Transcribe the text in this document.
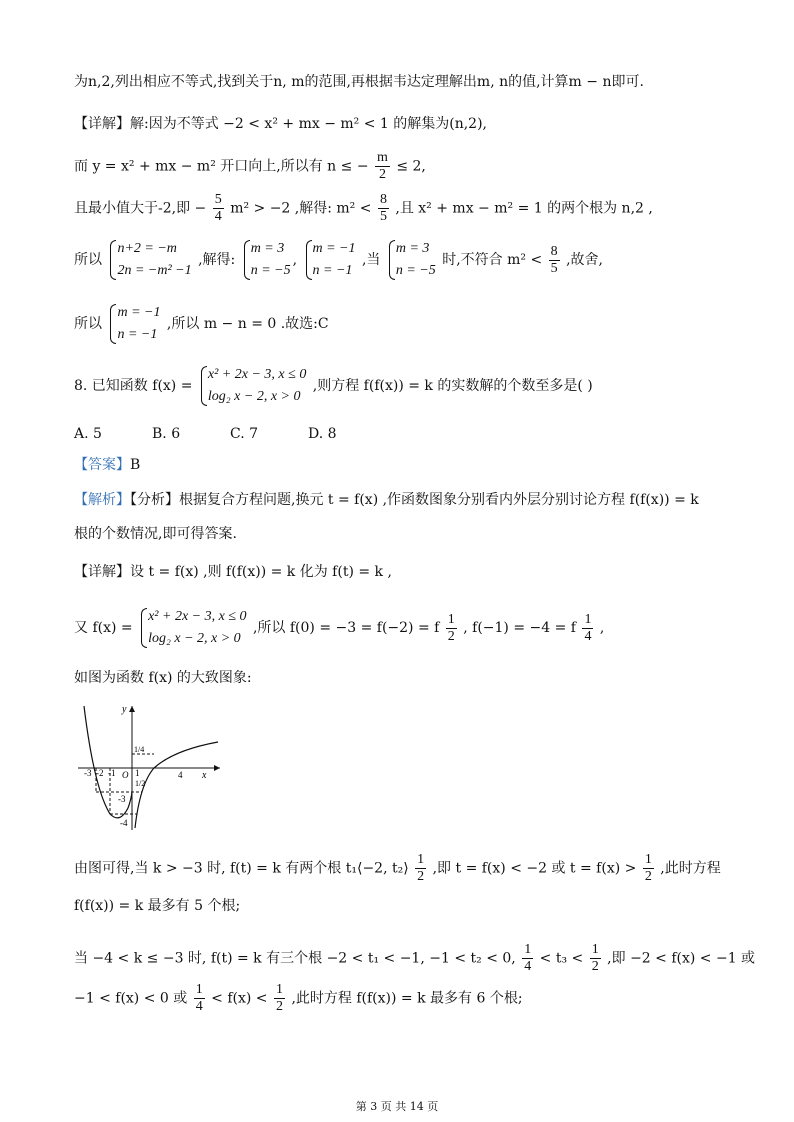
为n,2,列出相应不等式,找到关于n, m的范围,再根据韦达定理解出m, n的值,计算m − n即可.
【详解】解:因为不等式 −2 < x² + mx − m² < 1 的解集为(n,2),
而 y = x² + mx − m² 开口向上,所以有 n ≤ − $\frac{m}{2} \le 2$,
且最小值大于-2,即 − $\frac{5}{4} m^2 > -2$ ,解得: $m^2 < \frac{8}{5}$ ,且 x² + mx − m² = 1 的两个根为 n,2 ,
所以
n+2 = −m
2n = −m² −1
,解得:
m = 3
n = −5
,
m = −1
n = −1
,当
m = 3
n = −5
时,不符合 $m^2 < \frac{8}{5}$ ,故舍,
所以
m = −1
n = −1
,所以 m − n = 0 .故选:C
8. 已知函数 f(x) =
x² + 2x − 3, x ≤ 0
log₂ x − 2, x > 0
,则方程 f(f(x)) = k 的实数解的个数至多是( )
A. 5	B. 6	C. 7	D. 8
【答案】B
【解析】【分析】根据复合方程问题,换元 t = f(x) ,作函数图象分别看内外层分别讨论方程 f(f(x)) = k
根的个数情况,即可得答案.
【详解】设 t = f(x) ,则 f(f(x)) = k 化为 f(t) = k ,
又 f(x) =
x² + 2x − 3, x ≤ 0
log₂ x − 2, x > 0
,所以 f(0) = −3 = f(−2) = f $\frac{1}{2}$ , f(−1) = −4 = f $\frac{1}{4}$ ,
如图为函数 f(x) 的大致图象:
y
x
O
-3 -2 -1 1
1/2
4
1/4
-3
-4
由图可得,当 k > −3 时, f(t) = k 有两个根 t₁⟨−2, t₂⟩ $\frac{1}{2}$ ,即 t = f(x) < −2 或 $t = f(x) > \frac{1}{2}$ ,此时方程
f(f(x)) = k 最多有 5 个根;
当 −4 < k ≤ −3 时, f(t) = k 有三个根 −2 < t₁ < −1, −1 < t₂ < 0, $\frac{1}{4} < t_3 < \frac{1}{2}$ ,即 −2 < f(x) < −1 或
−1 < f(x) < 0 或 $\frac{1}{4} < f(x) < \frac{1}{2}$ ,此时方程 f(f(x)) = k 最多有 6 个根;
第 3 页 共 14 页
